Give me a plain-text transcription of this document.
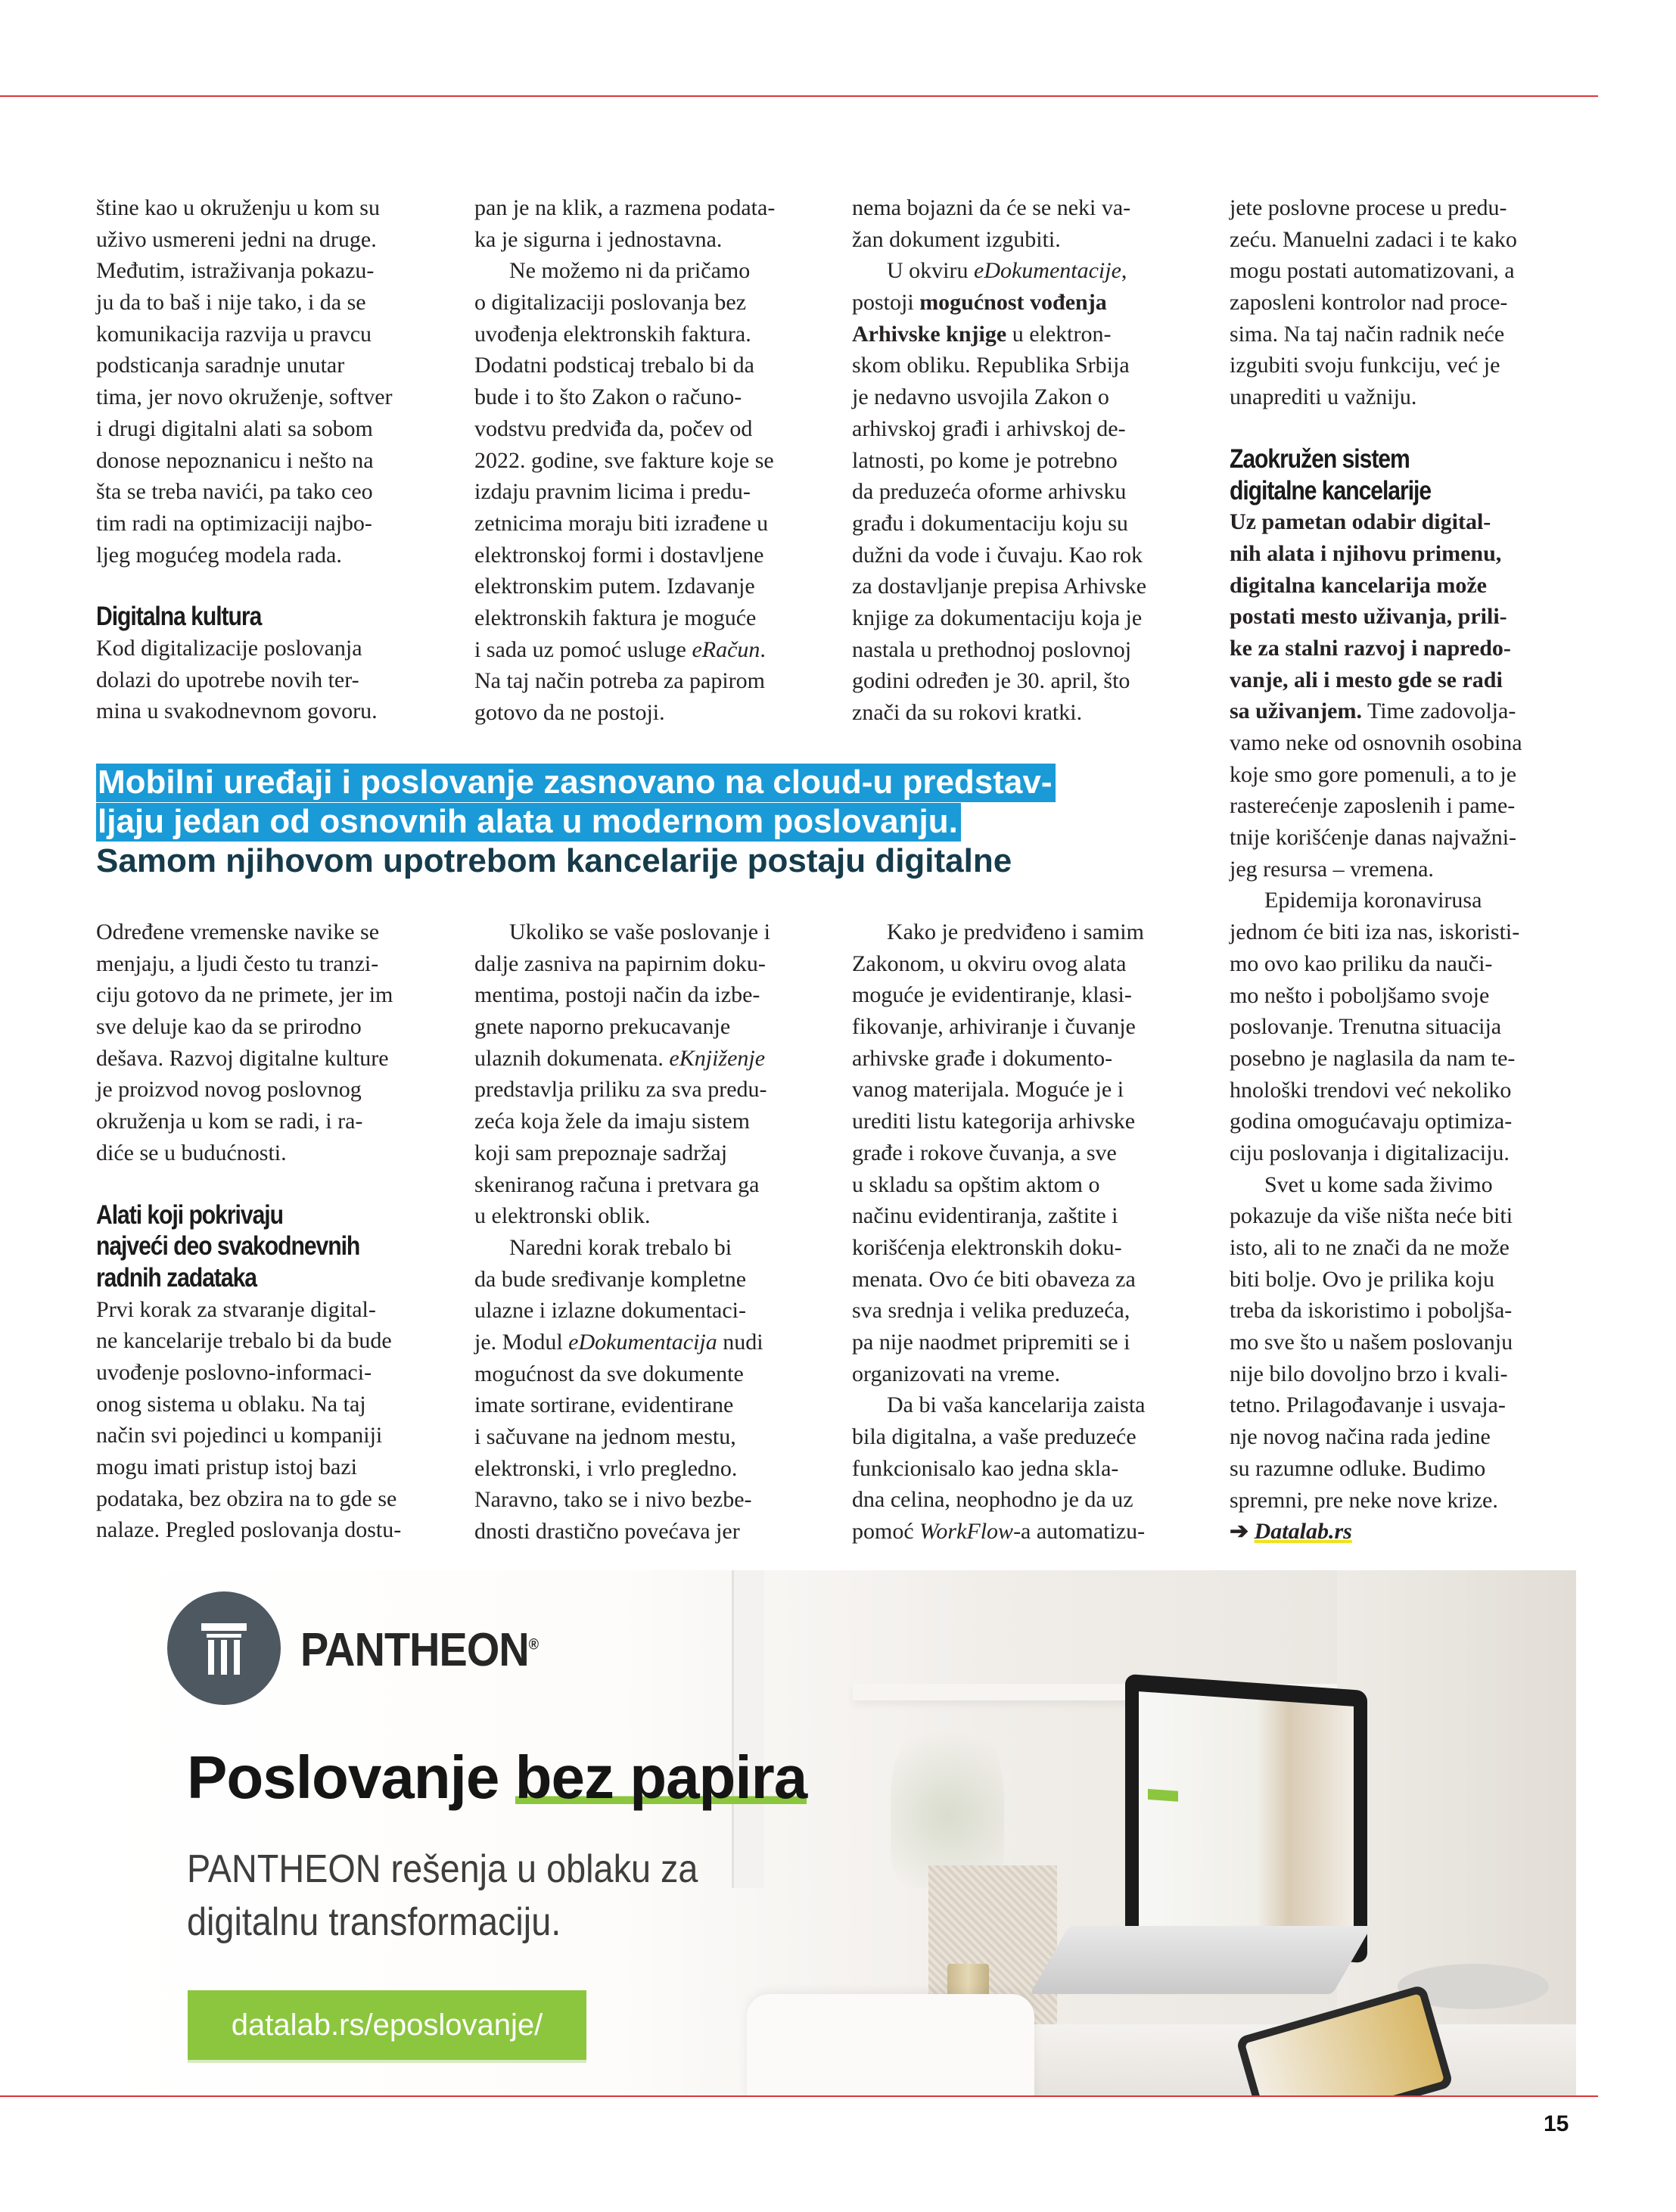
štine kao u okruženju u kom su
uživo usmereni jedni na druge.
Međutim, istraživanja pokazu-
ju da to baš i nije tako, i da se
komunikacija razvija u pravcu
podsticanja saradnje unutar
tima, jer novo okruženje, softver
i drugi digitalni alati sa sobom
donose nepoznanicu i nešto na
šta se treba navići, pa tako ceo
tim radi na optimizaciji najbo-
ljeg mogućeg modela rada.
Digitalna kultura
Kod digitalizacije poslovanja
dolazi do upotrebe novih ter-
mina u svakodnevnom govoru.
pan je na klik, a razmena podata-
ka je sigurna i jednostavna.
Ne možemo ni da pričamo
o digitalizaciji poslovanja bez
uvođenja elektronskih faktura.
Dodatni podsticaj trebalo bi da
bude i to što Zakon o računo-
vodstvu predviđa da, počev od
2022. godine, sve fakture koje se
izdaju pravnim licima i predu-
zetnicima moraju biti izrađene u
elektronskoj formi i dostavljene
elektronskim putem. Izdavanje
elektronskih faktura je moguće
i sada uz pomoć usluge eRačun.
Na taj način potreba za papirom
gotovo da ne postoji.
nema bojazni da će se neki va-
žan dokument izgubiti.
U okviru eDokumentacije,
postoji mogućnost vođenja
Arhivske knjige u elektron-
skom obliku. Republika Srbija
je nedavno usvojila Zakon o
arhivskoj građi i arhivskoj de-
latnosti, po kome je potrebno
da preduzeća oforme arhivsku
građu i dokumentaciju koju su
dužni da vode i čuvaju. Kao rok
za dostavljanje prepisa Arhivske
knjige za dokumentaciju koja je
nastala u prethodnoj poslovnoj
godini određen je 30. april, što
znači da su rokovi kratki.
jete poslovne procese u predu-
zeću. Manuelni zadaci i te kako
mogu postati automatizovani, a
zaposleni kontrolor nad proce-
sima. Na taj način radnik neće
izgubiti svoju funkciju, već je
unaprediti u važniju.
Zaokružen sistem
digitalne kancelarije
Uz pametan odabir digital-
nih alata i njihovu primenu,
digitalna kancelarija može
postati mesto uživanja, prili-
ke za stalni razvoj i napredo-
vanje, ali i mesto gde se radi
sa uživanjem. Time zadovolja-
vamo neke od osnovnih osobina
koje smo gore pomenuli, a to je
rasterećenje zaposlenih i pame-
tnije korišćenje danas najvažni-
jeg resursa – vremena.
Epidemija koronavirusa
jednom će biti iza nas, iskoristi-
mo ovo kao priliku da nauči-
mo nešto i poboljšamo svoje
poslovanje. Trenutna situacija
posebno je naglasila da nam te-
hnološki trendovi već nekoliko
godina omogućavaju optimiza-
ciju poslovanja i digitalizaciju.
Svet u kome sada živimo
pokazuje da više ništa neće biti
isto, ali to ne znači da ne može
biti bolje. Ovo je prilika koju
treba da iskoristimo i poboljša-
mo sve što u našem poslovanju
nije bilo dovoljno brzo i kvali-
tetno. Prilagođavanje i usvaja-
nje novog načina rada jedine
su razumne odluke. Budimo
spremni, pre neke nove krize.
➔ Datalab.rs
Mobilni uređaji i poslovanje zasnovano na cloud-u predstav-
ljaju jedan od osnovnih alata u modernom poslovanju.
Samom njihovom upotrebom kancelarije postaju digitalne
Određene vremenske navike se
menjaju, a ljudi često tu tranzi-
ciju gotovo da ne primete, jer im
sve deluje kao da se prirodno
dešava. Razvoj digitalne kulture
je proizvod novog poslovnog
okruženja u kom se radi, i ra-
diće se u budućnosti.
Alati koji pokrivaju
najveći deo svakodnevnih
radnih zadataka
Prvi korak za stvaranje digital-
ne kancelarije trebalo bi da bude
uvođenje poslovno-informaci-
onog sistema u oblaku. Na taj
način svi pojedinci u kompaniji
mogu imati pristup istoj bazi
podataka, bez obzira na to gde se
nalaze. Pregled poslovanja dostu-
Ukoliko se vaše poslovanje i
dalje zasniva na papirnim doku-
mentima, postoji način da izbe-
gnete naporno prekucavanje
ulaznih dokumenata. eKnjiženje
predstavlja priliku za sva predu-
zeća koja žele da imaju sistem
koji sam prepoznaje sadržaj
skeniranog računa i pretvara ga
u elektronski oblik.
Naredni korak trebalo bi
da bude sređivanje kompletne
ulazne i izlazne dokumentaci-
je. Modul eDokumentacija nudi
mogućnost da sve dokumente
imate sortirane, evidentirane
i sačuvane na jednom mestu,
elektronski, i vrlo pregledno.
Naravno, tako se i nivo bezbe-
dnosti drastično povećava jer
Kako je predviđeno i samim
Zakonom, u okviru ovog alata
moguće je evidentiranje, klasi-
fikovanje, arhiviranje i čuvanje
arhivske građe i dokumento-
vanog materijala. Moguće je i
urediti listu kategorija arhivske
građe i rokove čuvanja, a sve
u skladu sa opštim aktom o
načinu evidentiranja, zaštite i
korišćenja elektronskih doku-
menata. Ovo će biti obaveza za
sva srednja i velika preduzeća,
pa nije naodmet pripremiti se i
organizovati na vreme.
Da bi vaša kancelarija zaista
bila digitalna, a vaše preduzeće
funkcionisalo kao jedna skla-
dna celina, neophodno je da uz
pomoć WorkFlow-a automatizu-
PANTHEON®
Poslovanje bez papira
PANTHEON rešenja u oblaku za
digitalnu transformaciju.
datalab.rs/eposlovanje/
15
